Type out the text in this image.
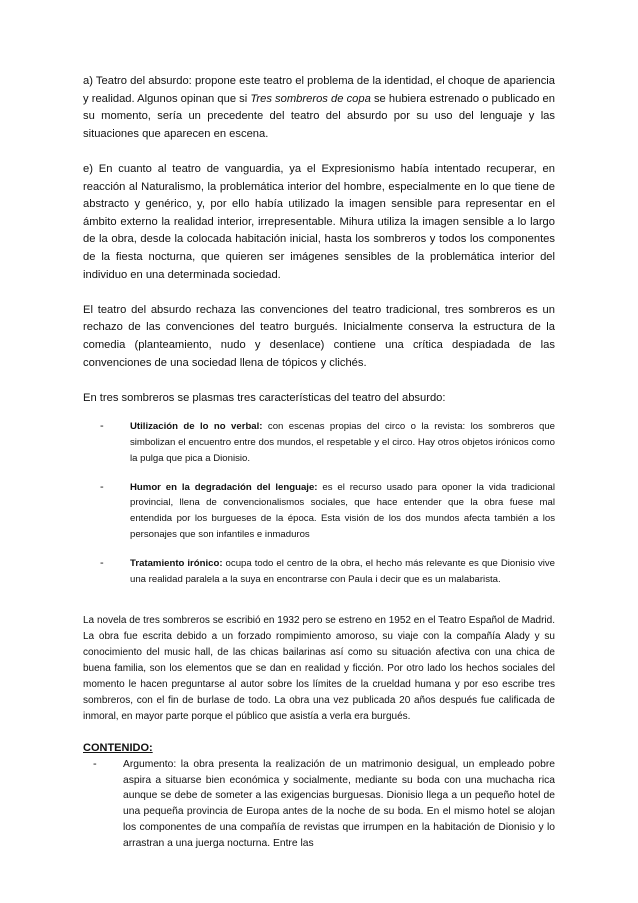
a) Teatro del absurdo: propone este teatro el problema de la identidad, el choque de apariencia y realidad. Algunos opinan que si Tres sombreros de copa se hubiera estrenado o publicado en su momento, sería un precedente del teatro del absurdo por su uso del lenguaje y las situaciones que aparecen en escena.

e) En cuanto al teatro de vanguardia, ya el Expresionismo había intentado recuperar, en reacción al Naturalismo, la problemática interior del hombre, especialmente en lo que tiene de abstracto y genérico, y, por ello había utilizado la imagen sensible para representar en el ámbito externo la realidad interior, irrepresentable. Mihura utiliza la imagen sensible a lo largo de la obra, desde la colocada habitación inicial, hasta los sombreros y todos los componentes de la fiesta nocturna, que quieren ser imágenes sensibles de la problemática interior del individuo en una determinada sociedad.

El teatro del absurdo rechaza las convenciones del teatro tradicional, tres sombreros es un rechazo de las convenciones del teatro burgués. Inicialmente conserva la estructura de la comedia (planteamiento, nudo y desenlace) contiene una crítica despiadada de las convenciones de una sociedad llena de tópicos y clichés.

En tres sombreros se plasmas tres características del teatro del absurdo:

-	Utilización de lo no verbal: con escenas propias del circo o la revista: los sombreros que simbolizan el encuentro entre dos mundos, el respetable y el circo. Hay otros objetos irónicos como la pulga que pica a Dionisio.
-	Humor en la degradación del lenguaje: es el recurso usado para oponer la vida tradicional provincial, llena de convencionalismos sociales, que hace entender que la obra fuese mal entendida por los burgueses de la época. Esta visión de los dos mundos afecta también a los personajes que son infantiles e inmaduros
-	Tratamiento irónico: ocupa todo el centro de la obra, el hecho más relevante es que Dionisio vive una realidad paralela a la suya en encontrarse con Paula i decir que es un malabarista.

La novela de tres sombreros se escribió en 1932 pero se estreno en 1952 en el Teatro Español de Madrid. La obra fue escrita debido a un forzado rompimiento amoroso, su viaje con la compañía Alady y su conocimiento del music hall, de las chicas bailarinas así como su situación afectiva con una chica de buena familia, son los elementos que se dan en realidad y ficción. Por otro lado los hechos sociales del momento le hacen preguntarse al autor sobre los límites de la crueldad humana y por eso escribe tres sombreros, con el fin de burlase de todo. La obra una vez publicada 20 años después fue calificada de inmoral, en mayor parte porque el público que asistía a verla era burgués.

CONTENIDO:
-	Argumento: la obra presenta la realización de un matrimonio desigual, un empleado pobre aspira a situarse bien económica y socialmente, mediante su boda con una muchacha rica aunque se debe de someter a las exigencias burguesas. Dionisio llega a un pequeño hotel de una pequeña provincia de Europa antes de la noche de su boda. En el mismo hotel se alojan los componentes de una compañía de revistas que irrumpen en la habitación de Dionisio y lo arrastran a una juerga nocturna. Entre las
